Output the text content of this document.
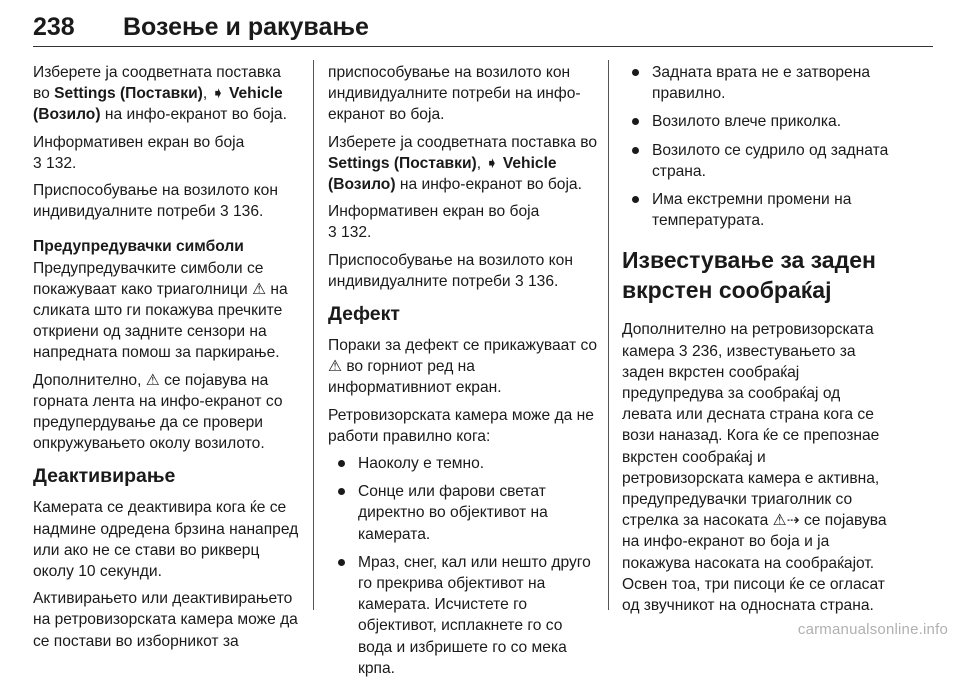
238	Возење и ракување

Изберете ја соодветната поставка во Settings (Поставки), ➧ Vehicle (Возило) на инфо-екранот во боја.

Информативен екран во боја
3 132.

Приспособување на возилото кон индивидуалните потреби 3 136.

Предупредувачки симболи

Предупредувачките симболи се покажуваат како триаголници ⚠ на сликата што ги покажува пречките откриени од задните сензори на напредната помош за паркирање.

Дополнително, ⚠ се појавува на горната лента на инфо-екранот со предупердување да се провери опкружувањето околу возилото.

Деактивирање

Камерата се деактивира кога ќе се надмине одредена брзина нанапред или ако не се стави во рикверц околу 10 секунди.

Активирањето или деактивирањето на ретровизорската камера може да се постави во изборникот за

приспособување на возилото кон индивидуалните потреби на инфо-екранот во боја.

Изберете ја соодветната поставка во Settings (Поставки), ➧ Vehicle (Возило) на инфо-екранот во боја.

Информативен екран во боја
3 132.

Приспособување на возилото кон индивидуалните потреби 3 136.

Дефект

Пораки за дефект се прикажуваат со ⚠ во горниот ред на информативниот екран.

Ретровизорската камера може да не работи правилно кога:

Наоколу е темно.
Сонце или фарови светат директно во објективот на камерата.
Мраз, снег, кал или нешто друго го прекрива објективот на камерата. Исчистете го објективот, исплакнете го со вода и избришете го со мека крпа.
Задната врата не е затворена правилно.
Возилото влече приколка.
Возилото се судрило од задната страна.
Има екстремни промени на температурата.
Известување за заден вкрстен сообраќај

Дополнително на ретровизорската камера 3 236, известувањето за заден вкрстен сообраќај предупредува за сообраќај од левата или десната страна кога се вози наназад. Кога ќе се препознае вкрстен сообраќај и ретровизорската камера е активна, предупредувачки триаголник со стрелка за насоката ⚠⇢ се појавува на инфо-екранот во боја и ја покажува насоката на сообраќајот. Освен тоа, три писоци ќе се огласат од звучникот на односната страна.

carmanualsonline.info
